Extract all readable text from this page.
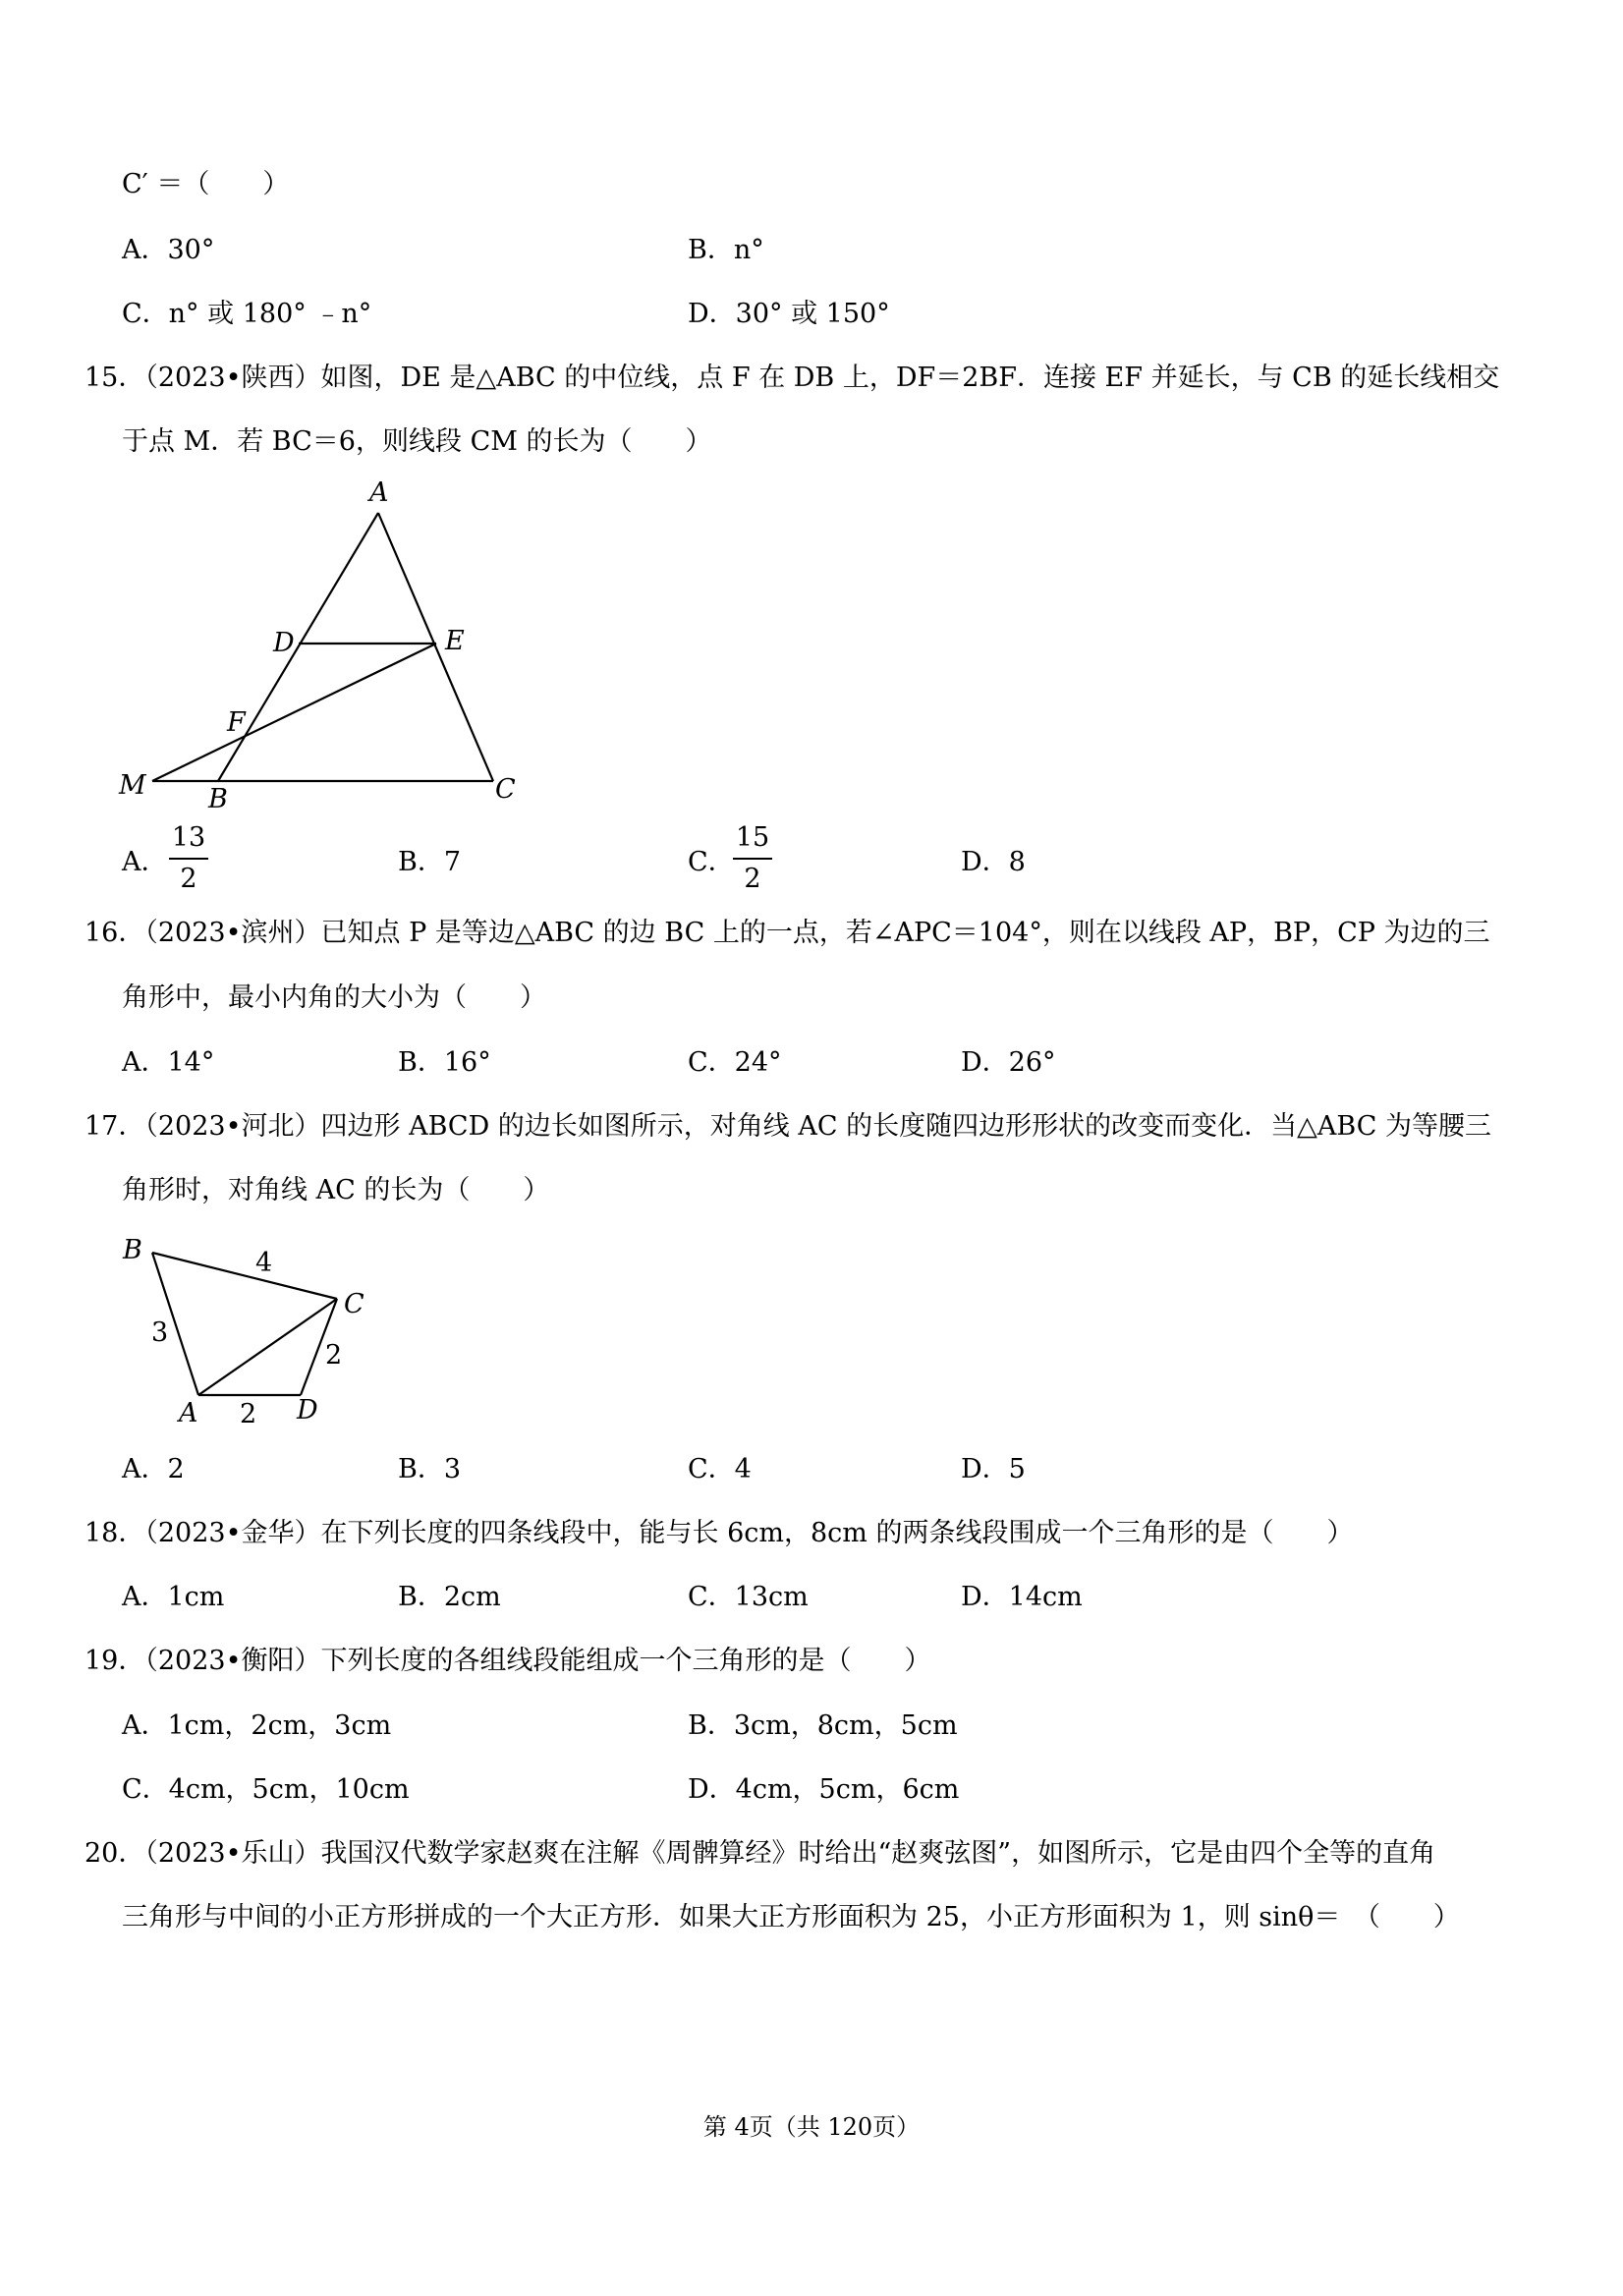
C′ ＝（　　）
A．30°	B．n°
C．n° 或 180° ﹣n°	D．30° 或 150°
15．（2023•陕西）如图，DE 是△ABC 的中位线，点 F 在 DB 上，DF＝2BF．连接 EF 并延长，与 CB 的延长线相交
于点 M．若 BC＝6，则线段 CM 的长为（　　）
A
D	E
F
M B	C
A．
13
2
B．7	C．
15
2
D．8
16．（2023•滨州）已知点 P 是等边△ABC 的边 BC 上的一点，若∠APC＝104°，则在以线段 AP，BP，CP 为边的三
角形中，最小内角的大小为（　　）
A．14°	B．16°	C．24°	D．26°
17．（2023•河北）四边形 ABCD 的边长如图所示，对角线 AC 的长度随四边形形状的改变而变化．当△ABC 为等腰三
角形时，对角线 AC 的长为（　　）
B
C
A	D
4
3
2
2
A．2	B．3	C．4	D．5
18．（2023•金华）在下列长度的四条线段中，能与长 6cm，8cm 的两条线段围成一个三角形的是（　　）
A．1cm	B．2cm	C．13cm	D．14cm
19．（2023•衡阳）下列长度的各组线段能组成一个三角形的是（　　）
A．1cm，2cm，3cm	B．3cm，8cm，5cm
C．4cm，5cm，10cm	D．4cm，5cm，6cm
20．（2023•乐山）我国汉代数学家赵爽在注解《周髀算经》时给出“赵爽弦图”，如图所示，它是由四个全等的直角
三角形与中间的小正方形拼成的一个大正方形．如果大正方形面积为 25，小正方形面积为 1，则 sinθ＝　（　　）
第 4页（共 120页）
